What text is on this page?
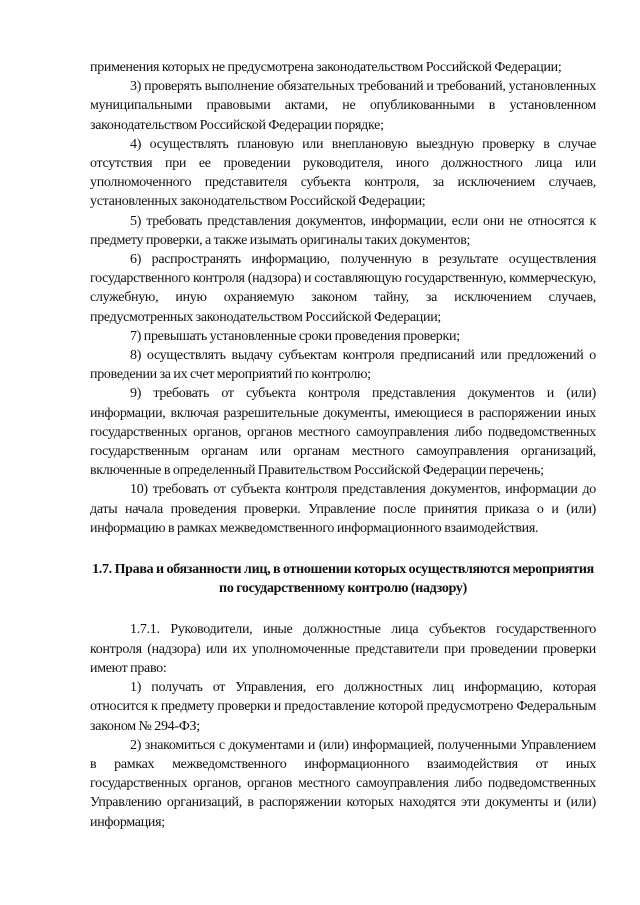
применения которых не предусмотрена законодательством Российской Федерации;

3) проверять выполнение обязательных требований и требований, установленных муниципальными правовыми актами, не опубликованными в установленном законодательством Российской Федерации порядке;

4) осуществлять плановую или внеплановую выездную проверку в случае отсутствия при ее проведении руководителя, иного должностного лица или уполномоченного представителя субъекта контроля, за исключением случаев, установленных законодательством Российской Федерации;

5) требовать представления документов, информации, если они не относятся к предмету проверки, а также изымать оригиналы таких документов;

6) распространять информацию, полученную в результате осуществления государственного контроля (надзора) и составляющую государственную, коммерческую, служебную, иную охраняемую законом тайну, за исключением случаев, предусмотренных законодательством Российской Федерации;

7) превышать установленные сроки проведения проверки;

8) осуществлять выдачу субъектам контроля предписаний или предложений о проведении за их счет мероприятий по контролю;

9) требовать от субъекта контроля представления документов и (или) информации, включая разрешительные документы, имеющиеся в распоряжении иных государственных органов, органов местного самоуправления либо подведомственных государственным органам или органам местного самоуправления организаций, включенные в определенный Правительством Российской Федерации перечень;

10) требовать от субъекта контроля представления документов, информации до даты начала проведения проверки. Управление после принятия приказа о и (или) информацию в рамках межведомственного информационного взаимодействия.

1.7. Права и обязанности лиц, в отношении которых осуществляются мероприятия по государственному контролю (надзору)

1.7.1. Руководители, иные должностные лица субъектов государственного контроля (надзора) или их уполномоченные представители при проведении проверки имеют право:

1) получать от Управления, его должностных лиц информацию, которая относится к предмету проверки и предоставление которой предусмотрено Федеральным законом № 294-ФЗ;

2) знакомиться с документами и (или) информацией, полученными Управлением в рамках межведомственного информационного взаимодействия от иных государственных органов, органов местного самоуправления либо подведомственных Управлению организаций, в распоряжении которых находятся эти документы и (или) информация;
